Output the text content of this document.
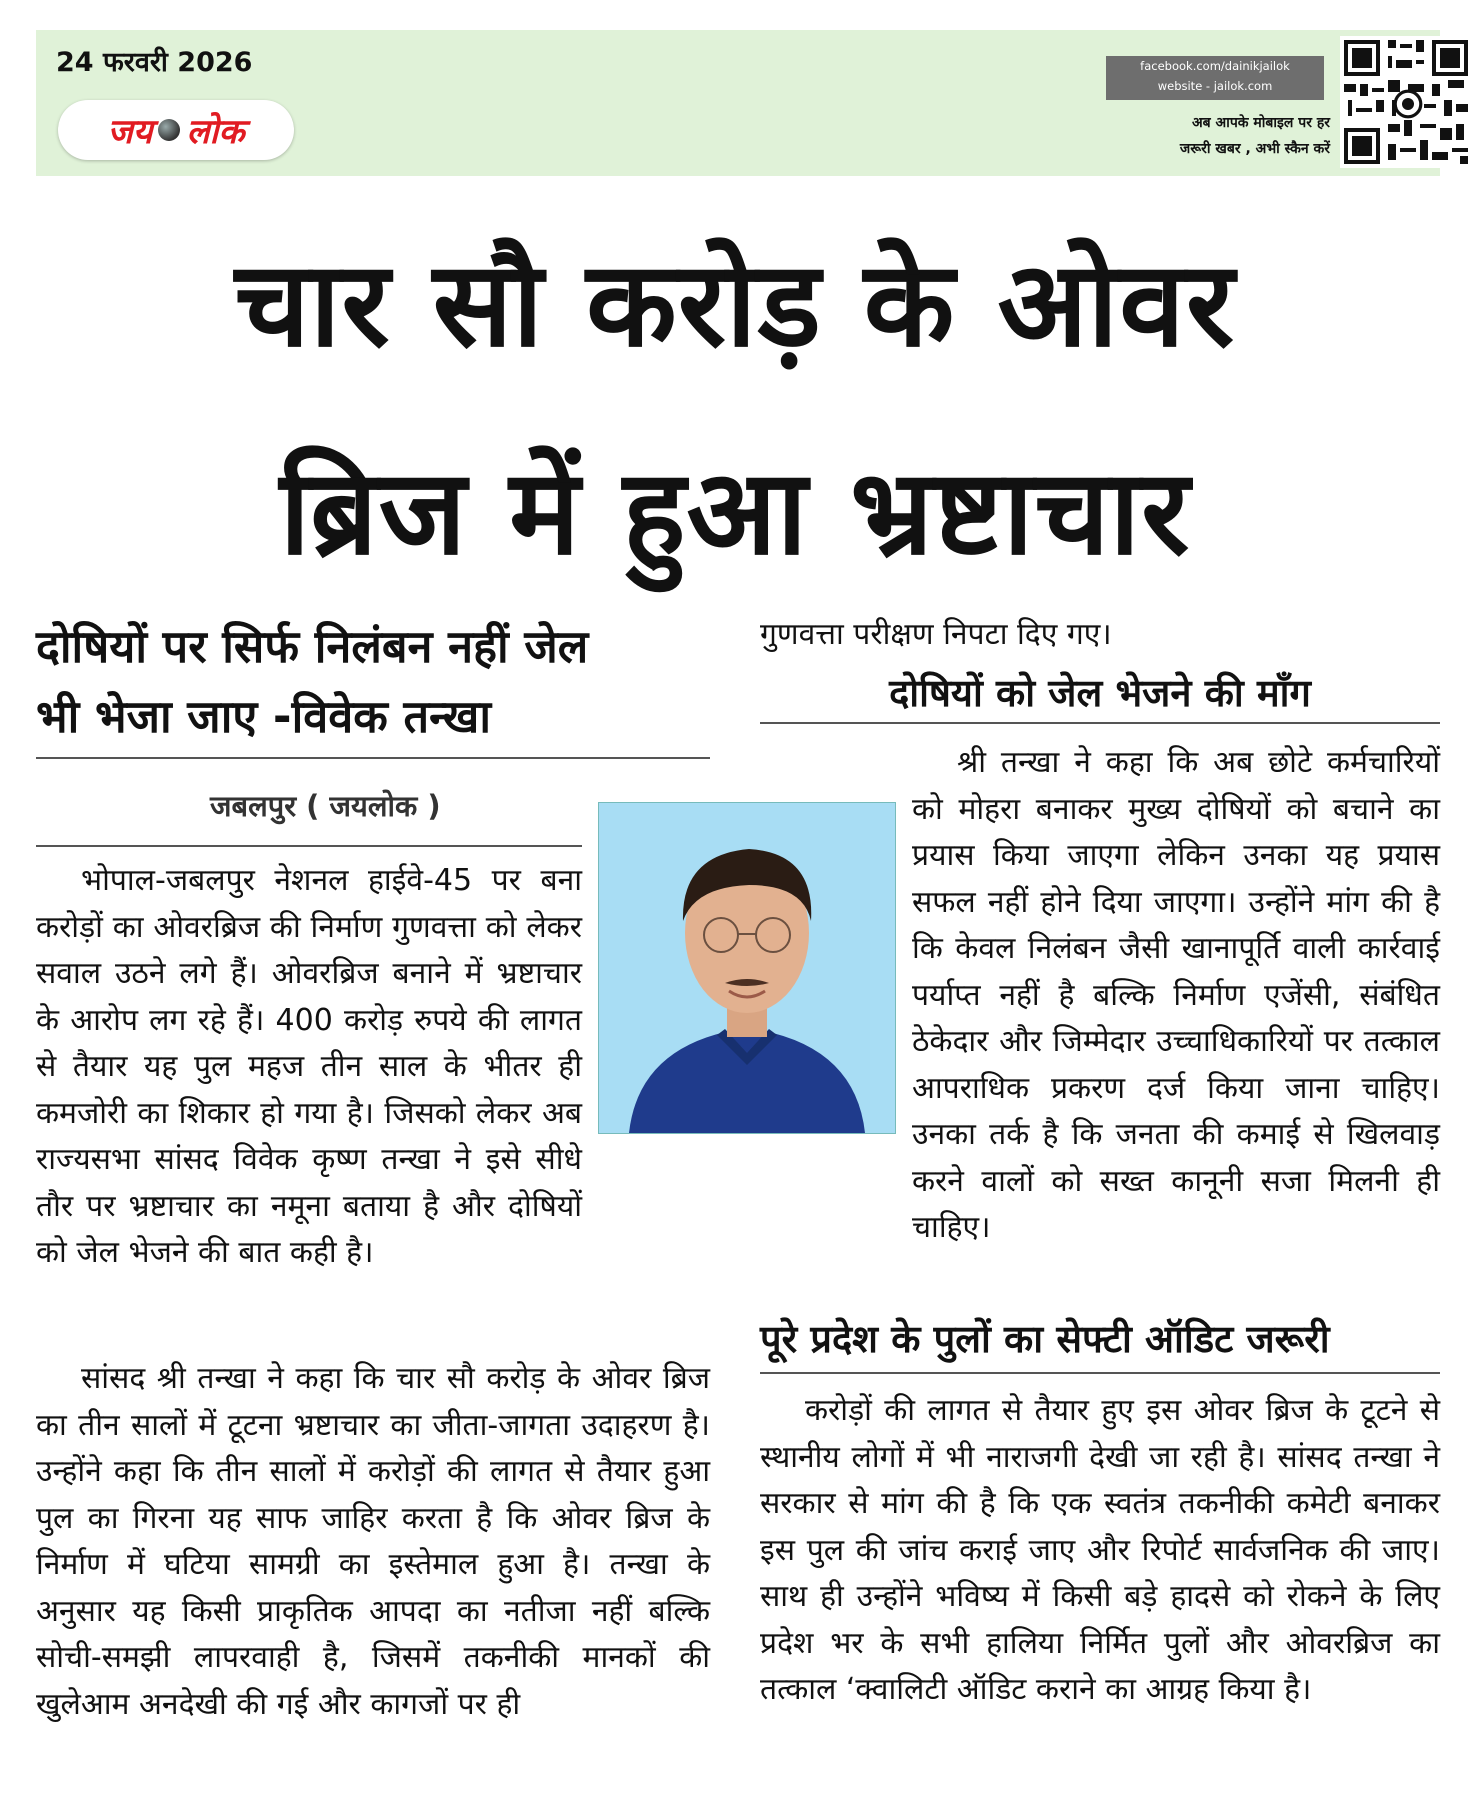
24 फरवरी 2026
जय लोक
facebook.com/dainikjailok
website - jailok.com
अब आपके मोबाइल पर हर
जरूरी खबर , अभी स्कैन करें
चार सौ करोड़ के ओवर
ब्रिज में हुआ भ्रष्टाचार
दोषियों पर सिर्फ निलंबन नहीं जेल
भी भेजा जाए -विवेक तन्खा
जबलपुर ( जयलोक )

भोपाल-जबलपुर नेशनल हाईवे-45 पर बना करोड़ों का ओवरब्रिज की निर्माण गुणवत्ता को लेकर सवाल उठने लगे हैं। ओवरब्रिज बनाने में भ्रष्टाचार के आरोप लग रहे हैं। 400 करोड़ रुपये की लागत से तैयार यह पुल महज तीन साल के भीतर ही कमजोरी का शिकार हो गया है। जिसको लेकर अब राज्यसभा सांसद विवेक कृष्ण तन्खा ने इसे सीधे तौर पर भ्रष्टाचार का नमूना बताया है और दोषियों को जेल भेजने की बात कही है।

गुणवत्ता परीक्षण निपटा दिए गए।

दोषियों को जेल भेजने की माँग

श्री तन्खा ने कहा कि अब छोटे कर्मचारियों को मोहरा बनाकर मुख्य दोषियों को बचाने का प्रयास किया जाएगा लेकिन उनका यह प्रयास सफल नहीं होने दिया जाएगा। उन्होंने मांग की है कि केवल निलंबन जैसी खानापूर्ति वाली कार्रवाई पर्याप्त नहीं है बल्कि निर्माण एजेंसी, संबंधित ठेकेदार और जिम्मेदार उच्चाधिकारियों पर तत्काल आपराधिक प्रकरण दर्ज किया जाना चाहिए। उनका तर्क है कि जनता की कमाई से खिलवाड़ करने वालों को सख्त कानूनी सजा मिलनी ही चाहिए।

पूरे प्रदेश के पुलों का सेफ्टी ऑडिट जरूरी

करोड़ों की लागत से तैयार हुए इस ओवर ब्रिज के टूटने से स्थानीय लोगों में भी नाराजगी देखी जा रही है। सांसद तन्खा ने सरकार से मांग की है कि एक स्वतंत्र तकनीकी कमेटी बनाकर इस पुल की जांच कराई जाए और रिपोर्ट सार्वजनिक की जाए। साथ ही उन्होंने भविष्य में किसी बड़े हादसे को रोकने के लिए प्रदेश भर के सभी हालिया निर्मित पुलों और ओवरब्रिज का तत्काल ‘क्वालिटी ऑडिट कराने का आग्रह किया है।

सांसद श्री तन्खा ने कहा कि चार सौ करोड़ के ओवर ब्रिज का तीन सालों में टूटना भ्रष्टाचार का जीता-जागता उदाहरण है। उन्होंने कहा कि तीन सालों में करोड़ों की लागत से तैयार हुआ पुल का गिरना यह साफ जाहिर करता है कि ओवर ब्रिज के निर्माण में घटिया सामग्री का इस्तेमाल हुआ है। तन्खा के अनुसार यह किसी प्राकृतिक आपदा का नतीजा नहीं बल्कि सोची-समझी लापरवाही है, जिसमें तकनीकी मानकों की खुलेआम अनदेखी की गई और कागजों पर ही
